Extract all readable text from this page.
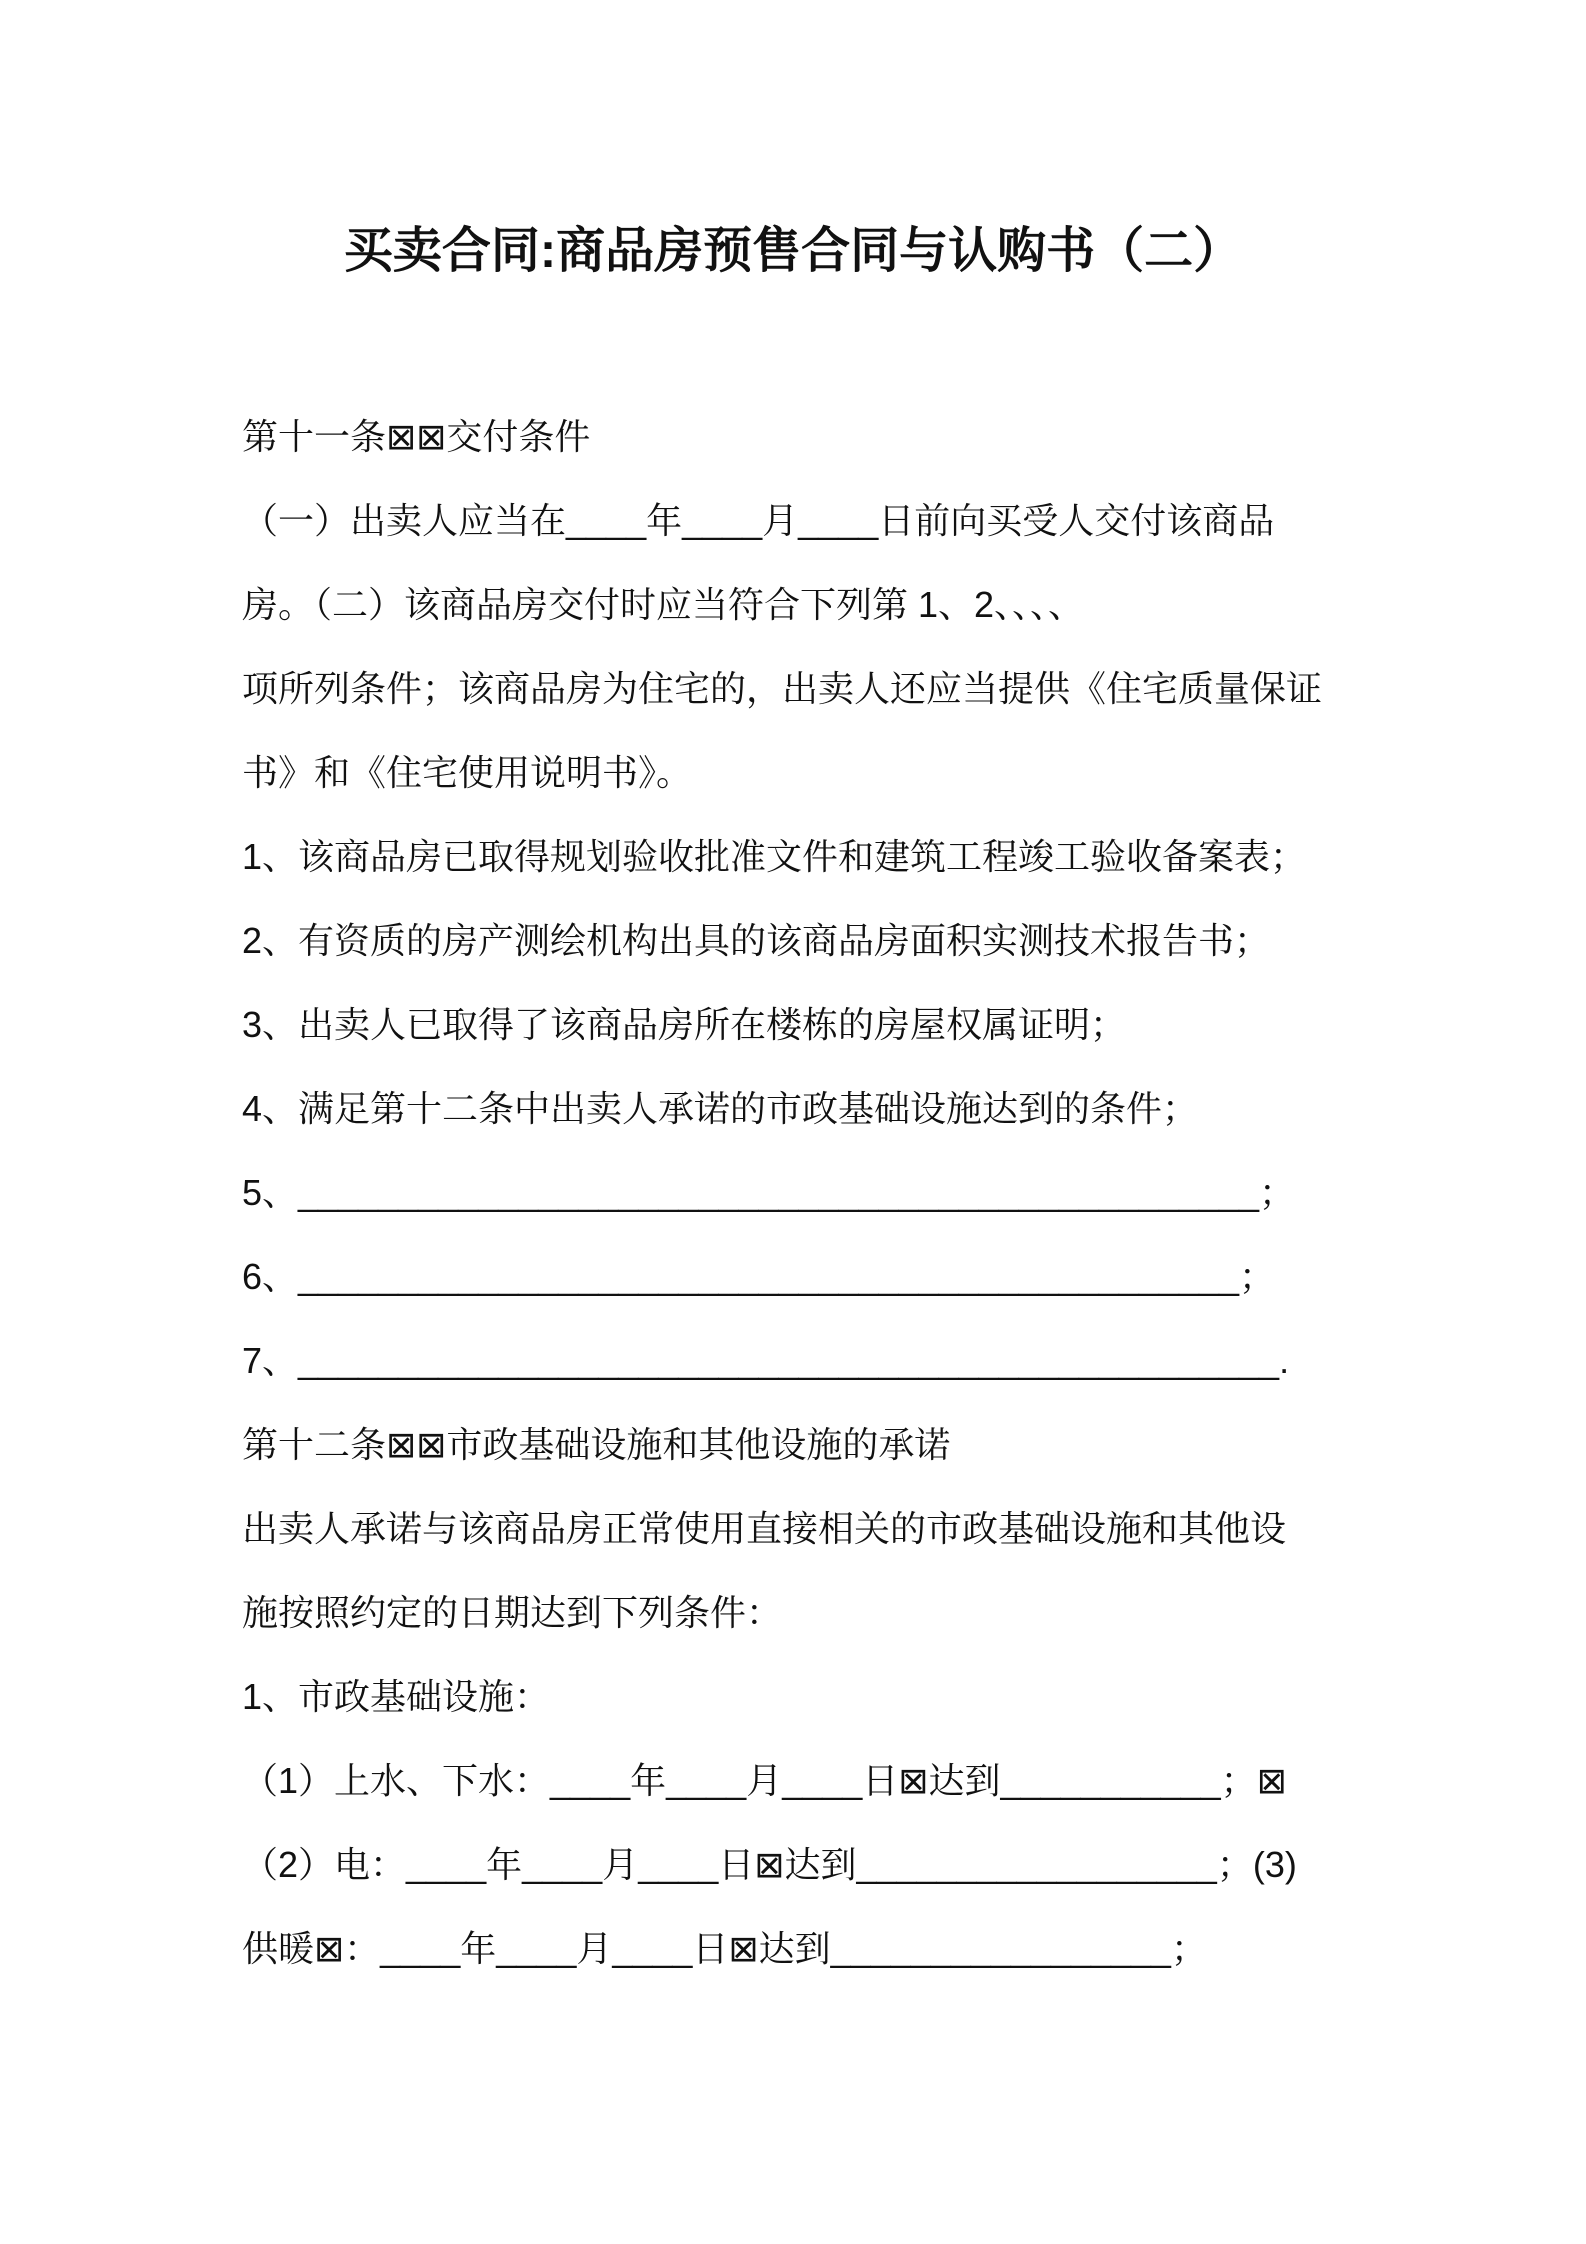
买卖合同:商品房预售合同与认购书（二）
第十一条⊠⊠交付条件
（一）出卖人应当在____年____月____日前向买受人交付该商品
房。（二）该商品房交付时应当符合下列第 1、2、、、、
项所列条件；该商品房为住宅的，出卖人还应当提供《住宅质量保证
书》和《住宅使用说明书》。
1、该商品房已取得规划验收批准文件和建筑工程竣工验收备案表；
2、有资质的房产测绘机构出具的该商品房面积实测技术报告书；
3、出卖人已取得了该商品房所在楼栋的房屋权属证明；
4、满足第十二条中出卖人承诺的市政基础设施达到的条件；
5、________________________________________________；
6、_______________________________________________；
7、_________________________________________________.
第十二条⊠⊠市政基础设施和其他设施的承诺
出卖人承诺与该商品房正常使用直接相关的市政基础设施和其他设
施按照约定的日期达到下列条件：
1、市政基础设施：
（1）上水、下水：____年____月____日⊠达到___________；⊠
（2）电：____年____月____日⊠达到__________________；(3)
供暖⊠：____年____月____日⊠达到_________________；
